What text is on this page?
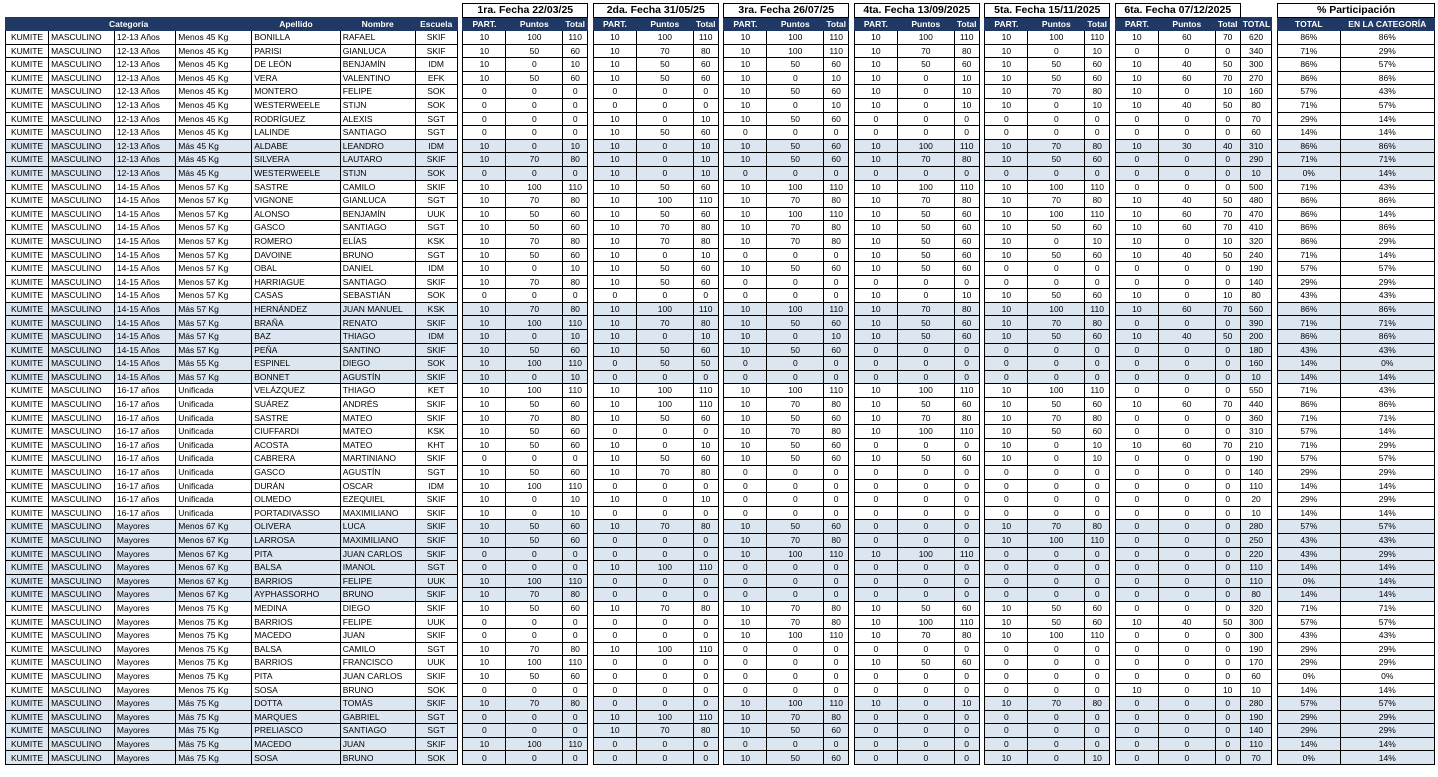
								1ra. Fecha 22/03/25				2da. Fecha 31/05/25				3ra. Fecha 26/07/25				4ta. Fecha 13/09/2025				5ta. Fecha 15/11/2025				6ta. Fecha 07/12/2025					% Participación	
Categoría				Apellido	Nombre	Escuela		PART.	Puntos	Total		PART.	Puntos	Total		PART.	Puntos	Total		PART.	Puntos	Total		PART.	Puntos	Total		PART.	Puntos	Total	TOTAL		TOTAL	EN LA CATEGORÍA
KUMITE	MASCULINO	12-13 Años	Menos 45 Kg	BONILLA	RAFAEL	SKIF		10	100	110		10	100	110		10	100	110		10	100	110		10	100	110		10	60	70	620		86%	86%
KUMITE	MASCULINO	12-13 Años	Menos 45 Kg	PARISI	GIANLUCA	SKIF		10	50	60		10	70	80		10	100	110		10	70	80		10	0	10		0	0	0	340		71%	29%
KUMITE	MASCULINO	12-13 Años	Menos 45 Kg	DE LEÓN	BENJAMÍN	IDM		10	0	10		10	50	60		10	50	60		10	50	60		10	50	60		10	40	50	300		86%	57%
KUMITE	MASCULINO	12-13 Años	Menos 45 Kg	VERA	VALENTINO	EFK		10	50	60		10	50	60		10	0	10		10	0	10		10	50	60		10	60	70	270		86%	86%
KUMITE	MASCULINO	12-13 Años	Menos 45 Kg	MONTERO	FELIPE	SOK		0	0	0		0	0	0		10	50	60		10	0	10		10	70	80		10	0	10	160		57%	43%
KUMITE	MASCULINO	12-13 Años	Menos 45 Kg	WESTERWEELE	STIJN	SOK		0	0	0		0	0	0		10	0	10		10	0	10		10	0	10		10	40	50	80		71%	57%
KUMITE	MASCULINO	12-13 Años	Menos 45 Kg	RODRÍGUEZ	ALEXIS	SGT		0	0	0		10	0	10		10	50	60		0	0	0		0	0	0		0	0	0	70		29%	14%
KUMITE	MASCULINO	12-13 Años	Menos 45 Kg	LALINDE	SANTIAGO	SGT		0	0	0		10	50	60		0	0	0		0	0	0		0	0	0		0	0	0	60		14%	14%
KUMITE	MASCULINO	12-13 Años	Más 45 Kg	ALDABE	LEANDRO	IDM		10	0	10		10	0	10		10	50	60		10	100	110		10	70	80		10	30	40	310		86%	86%
KUMITE	MASCULINO	12-13 Años	Más 45 Kg	SILVERA	LAUTARO	SKIF		10	70	80		10	0	10		10	50	60		10	70	80		10	50	60		0	0	0	290		71%	71%
KUMITE	MASCULINO	12-13 Años	Más 45 Kg	WESTERWEELE	STIJN	SOK		0	0	0		10	0	10		0	0	0		0	0	0		0	0	0		0	0	0	10		0%	14%
KUMITE	MASCULINO	14-15 Años	Menos 57 Kg	SASTRE	CAMILO	SKIF		10	100	110		10	50	60		10	100	110		10	100	110		10	100	110		0	0	0	500		71%	43%
KUMITE	MASCULINO	14-15 Años	Menos 57 Kg	VIGNONE	GIANLUCA	SGT		10	70	80		10	100	110		10	70	80		10	70	80		10	70	80		10	40	50	480		86%	86%
KUMITE	MASCULINO	14-15 Años	Menos 57 Kg	ALONSO	BENJAMÍN	UUK		10	50	60		10	50	60		10	100	110		10	50	60		10	100	110		10	60	70	470		86%	14%
KUMITE	MASCULINO	14-15 Años	Menos 57 Kg	GASCO	SANTIAGO	SGT		10	50	60		10	70	80		10	70	80		10	50	60		10	50	60		10	60	70	410		86%	86%
KUMITE	MASCULINO	14-15 Años	Menos 57 Kg	ROMERO	ELÍAS	KSK		10	70	80		10	70	80		10	70	80		10	50	60		10	0	10		10	0	10	320		86%	29%
KUMITE	MASCULINO	14-15 Años	Menos 57 Kg	DAVOINE	BRUNO	SGT		10	50	60		10	0	10		0	0	0		10	50	60		10	50	60		10	40	50	240		71%	14%
KUMITE	MASCULINO	14-15 Años	Menos 57 Kg	OBAL	DANIEL	IDM		10	0	10		10	50	60		10	50	60		10	50	60		0	0	0		0	0	0	190		57%	57%
KUMITE	MASCULINO	14-15 Años	Menos 57 Kg	HARRIAGUE	SANTIAGO	SKIF		10	70	80		10	50	60		0	0	0		0	0	0		0	0	0		0	0	0	140		29%	29%
KUMITE	MASCULINO	14-15 Años	Menos 57 Kg	CASAS	SEBASTIÁN	SOK		0	0	0		0	0	0		0	0	0		10	0	10		10	50	60		10	0	10	80		43%	43%
KUMITE	MASCULINO	14-15 Años	Más 57 Kg	HERNÁNDEZ	JUAN MANUEL	KSK		10	70	80		10	100	110		10	100	110		10	70	80		10	100	110		10	60	70	560		86%	86%
KUMITE	MASCULINO	14-15 Años	Más 57 Kg	BRAÑA	RENATO	SKIF		10	100	110		10	70	80		10	50	60		10	50	60		10	70	80		0	0	0	390		71%	71%
KUMITE	MASCULINO	14-15 Años	Más 57 Kg	BAZ	THIAGO	IDM		10	0	10		10	0	10		10	0	10		10	50	60		10	50	60		10	40	50	200		86%	86%
KUMITE	MASCULINO	14-15 Años	Más 57 Kg	PEÑA	SANTINO	SKIF		10	50	60		10	50	60		10	50	60		0	0	0		0	0	0		0	0	0	180		43%	43%
KUMITE	MASCULINO	14-15 Años	Más 55 Kg	ESPINEL	DIEGO	SOK		10	100	110		0	50	50		0	0	0		0	0	0		0	0	0		0	0	0	160		14%	0%
KUMITE	MASCULINO	14-15 Años	Más 57 Kg	BONNET	AGUSTÍN	SKIF		10	0	10		0	0	0		0	0	0		0	0	0		0	0	0		0	0	0	10		14%	14%
KUMITE	MASCULINO	16-17 años	Unificada	VELÁZQUEZ	THIAGO	KET		10	100	110		10	100	110		10	100	110		10	100	110		10	100	110		0	0	0	550		71%	43%
KUMITE	MASCULINO	16-17 años	Unificada	SUÁREZ	ANDRÉS	SKIF		10	50	60		10	100	110		10	70	80		10	50	60		10	50	60		10	60	70	440		86%	86%
KUMITE	MASCULINO	16-17 años	Unificada	SASTRE	MATEO	SKIF		10	70	80		10	50	60		10	50	60		10	70	80		10	70	80		0	0	0	360		71%	71%
KUMITE	MASCULINO	16-17 años	Unificada	CIUFFARDI	MATEO	KSK		10	50	60		0	0	0		10	70	80		10	100	110		10	50	60		0	0	0	310		57%	14%
KUMITE	MASCULINO	16-17 años	Unificada	ACOSTA	MATEO	KHT		10	50	60		10	0	10		10	50	60		0	0	0		10	0	10		10	60	70	210		71%	29%
KUMITE	MASCULINO	16-17 años	Unificada	CABRERA	MARTINIANO	SKIF		0	0	0		10	50	60		10	50	60		10	50	60		10	0	10		0	0	0	190		57%	57%
KUMITE	MASCULINO	16-17 años	Unificada	GASCO	AGUSTÍN	SGT		10	50	60		10	70	80		0	0	0		0	0	0		0	0	0		0	0	0	140		29%	29%
KUMITE	MASCULINO	16-17 años	Unificada	DURÁN	OSCAR	IDM		10	100	110		0	0	0		0	0	0		0	0	0		0	0	0		0	0	0	110		14%	14%
KUMITE	MASCULINO	16-17 años	Unificada	OLMEDO	EZEQUIEL	SKIF		10	0	10		10	0	10		0	0	0		0	0	0		0	0	0		0	0	0	20		29%	29%
KUMITE	MASCULINO	16-17 años	Unificada	PORTADIVASSO	MAXIMILIANO	SKIF		10	0	10		0	0	0		0	0	0		0	0	0		0	0	0		0	0	0	10		14%	14%
KUMITE	MASCULINO	Mayores	Menos 67 Kg	OLIVERA	LUCA	SKIF		10	50	60		10	70	80		10	50	60		0	0	0		10	70	80		0	0	0	280		57%	57%
KUMITE	MASCULINO	Mayores	Menos 67 Kg	LARROSA	MAXIMILIANO	SKIF		10	50	60		0	0	0		10	70	80		0	0	0		10	100	110		0	0	0	250		43%	43%
KUMITE	MASCULINO	Mayores	Menos 67 Kg	PITA	JUAN CARLOS	SKIF		0	0	0		0	0	0		10	100	110		10	100	110		0	0	0		0	0	0	220		43%	29%
KUMITE	MASCULINO	Mayores	Menos 67 Kg	BALSA	IMANOL	SGT		0	0	0		10	100	110		0	0	0		0	0	0		0	0	0		0	0	0	110		14%	14%
KUMITE	MASCULINO	Mayores	Menos 67 Kg	BARRIOS	FELIPE	UUK		10	100	110		0	0	0		0	0	0		0	0	0		0	0	0		0	0	0	110		0%	14%
KUMITE	MASCULINO	Mayores	Menos 67 Kg	AYPHASSORHO	BRUNO	SKIF		10	70	80		0	0	0		0	0	0		0	0	0		0	0	0		0	0	0	80		14%	14%
KUMITE	MASCULINO	Mayores	Menos 75 Kg	MEDINA	DIEGO	SKIF		10	50	60		10	70	80		10	70	80		10	50	60		10	50	60		0	0	0	320		71%	71%
KUMITE	MASCULINO	Mayores	Menos 75 Kg	BARRIOS	FELIPE	UUK		0	0	0		0	0	0		10	70	80		10	100	110		10	50	60		10	40	50	300		57%	57%
KUMITE	MASCULINO	Mayores	Menos 75 Kg	MACEDO	JUAN	SKIF		0	0	0		0	0	0		10	100	110		10	70	80		10	100	110		0	0	0	300		43%	43%
KUMITE	MASCULINO	Mayores	Menos 75 Kg	BALSA	CAMILO	SGT		10	70	80		10	100	110		0	0	0		0	0	0		0	0	0		0	0	0	190		29%	29%
KUMITE	MASCULINO	Mayores	Menos 75 Kg	BARRIOS	FRANCISCO	UUK		10	100	110		0	0	0		0	0	0		10	50	60		0	0	0		0	0	0	170		29%	29%
KUMITE	MASCULINO	Mayores	Menos 75 Kg	PITA	JUAN CARLOS	SKIF		10	50	60		0	0	0		0	0	0		0	0	0		0	0	0		0	0	0	60		0%	0%
KUMITE	MASCULINO	Mayores	Menos 75 Kg	SOSA	BRUNO	SOK		0	0	0		0	0	0		0	0	0		0	0	0		0	0	0		10	0	10	10		14%	14%
KUMITE	MASCULINO	Mayores	Más 75 Kg	DOTTA	TOMÁS	SKIF		10	70	80		0	0	0		10	100	110		10	0	10		10	70	80		0	0	0	280		57%	57%
KUMITE	MASCULINO	Mayores	Más 75 Kg	MARQUES	GABRIEL	SGT		0	0	0		10	100	110		10	70	80		0	0	0		0	0	0		0	0	0	190		29%	29%
KUMITE	MASCULINO	Mayores	Más 75 Kg	PRELIASCO	SANTIAGO	SGT		0	0	0		10	70	80		10	50	60		0	0	0		0	0	0		0	0	0	140		29%	29%
KUMITE	MASCULINO	Mayores	Más 75 Kg	MACEDO	JUAN	SKIF		10	100	110		0	0	0		0	0	0		0	0	0		0	0	0		0	0	0	110		14%	14%
KUMITE	MASCULINO	Mayores	Más 75 Kg	SOSA	BRUNO	SOK		0	0	0		0	0	0		10	50	60		0	0	0		10	0	10		0	0	0	70		0%	14%
